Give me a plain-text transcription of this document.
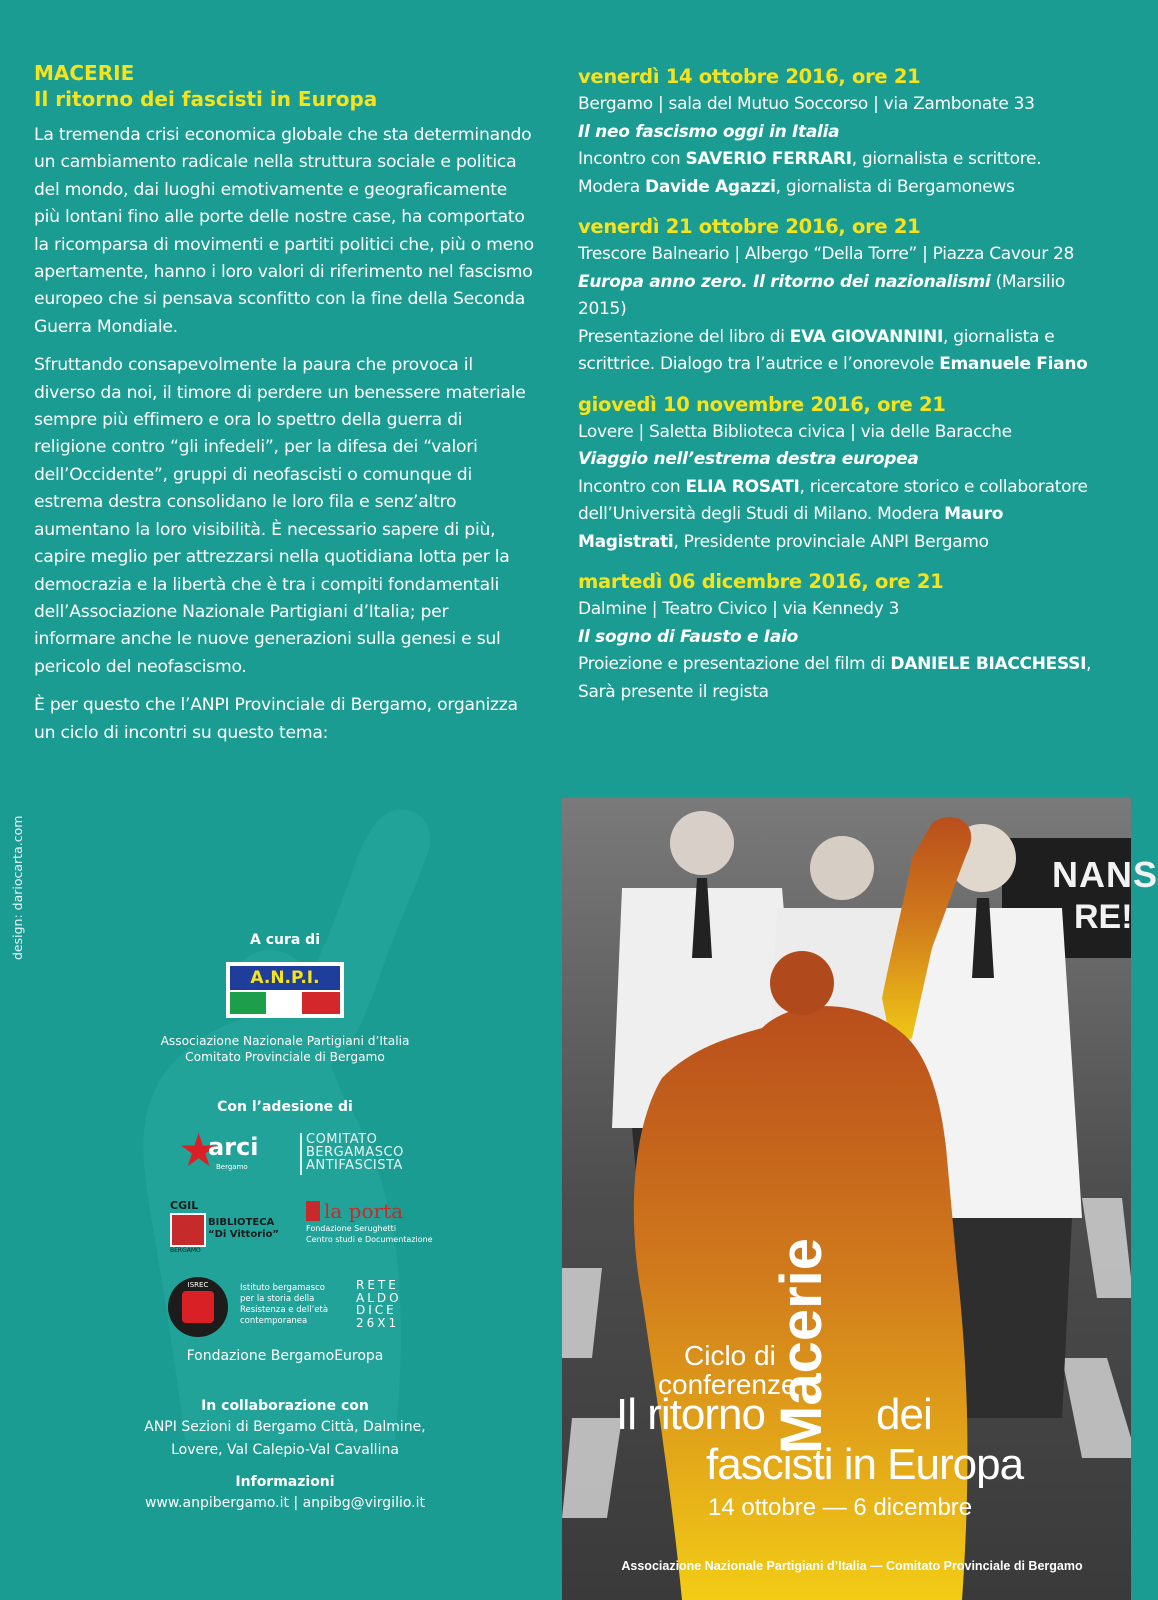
MACERIE
Il ritorno dei fascisti in Europa

La tremenda crisi economica globale che sta determinando un cambiamento radicale nella struttura sociale e politica del mondo, dai luoghi emotivamente e geograficamente più lontani fino alle porte delle nostre case, ha comportato la ricomparsa di movimenti e partiti politici che, più o meno apertamente, hanno i loro valori di riferimento nel fascismo europeo che si pensava sconfitto con la fine della Seconda Guerra Mondiale.

Sfruttando consapevolmente la paura che provoca il diverso da noi, il timore di perdere un benessere materiale sempre più effimero e ora lo spettro della guerra di religione contro “gli infedeli”, per la difesa dei “valori dell’Occidente”, gruppi di neofascisti o comunque di estrema destra consolidano le loro fila e senz’altro aumentano la loro visibilità. È necessario sapere di più, capire meglio per attrezzarsi nella quotidiana lotta per la democrazia e la libertà che è tra i compiti fondamentali dell’Associazione Nazionale Partigiani d’Italia; per informare anche le nuove generazioni sulla genesi e sul pericolo del neofascismo.

È per questo che l’ANPI Provinciale di Bergamo, organizza un ciclo di incontri su questo tema:

venerdì 14 ottobre 2016, ore 21
Bergamo | sala del Mutuo Soccorso | via Zambonate 33
Il neo fascismo oggi in Italia
Incontro con SAVERIO FERRARI, giornalista e scrittore. Modera Davide Agazzi, giornalista di Bergamonews
venerdì 21 ottobre 2016, ore 21
Trescore Balneario | Albergo “Della Torre” | Piazza Cavour 28
Europa anno zero. Il ritorno dei nazionalismi (Marsilio 2015)
Presentazione del libro di EVA GIOVANNINI, giornalista e scrittrice. Dialogo tra l’autrice e l’onorevole Emanuele Fiano
giovedì 10 novembre 2016, ore 21
Lovere | Saletta Biblioteca civica | via delle Baracche
Viaggio nell’estrema destra europea
Incontro con ELIA ROSATI, ricercatore storico e collaboratore dell’Università degli Studi di Milano. Modera Mauro Magistrati, Presidente provinciale ANPI Bergamo
martedì 06 dicembre 2016, ore 21
Dalmine | Teatro Civico | via Kennedy 3
Il sogno di Fausto e Iaio
Proiezione e presentazione del film di DANIELE BIACCHESSI, Sarà presente il regista
design: dariocarta.com	A cura di
A.N.P.I.
Associazione Nazionale Partigiani d’Italia
Comitato Provinciale di Bergamo
Con l’adesione di
★
arci
Bergamo
COMITATO
BERGAMASCO
ANTIFASCISTA
CGIL
BIBLIOTECA
“Di Vittorio”
BERGAMO
la porta
Fondazione Serughetti
Centro studi e Documentazione
ISREC	Istituto bergamasco
per la storia della
Resistenza e dell’età
contemporanea
RETE
ALDO
DICE
26X1
Fondazione BergamoEuropa
In collaborazione con
ANPI Sezioni di Bergamo Città, Dalmine,
Lovere, Val Calepio-Val Cavallina
Informazioni
www.anpibergamo.it | anpibg@virgilio.it
NANS
RE!
Ciclo di
conferenze
Macerie
Il ritorno	dei
fascisti in Europa
14 ottobre — 6 dicembre
Associazione Nazionale Partigiani d’Italia — Comitato Provinciale di Bergamo
